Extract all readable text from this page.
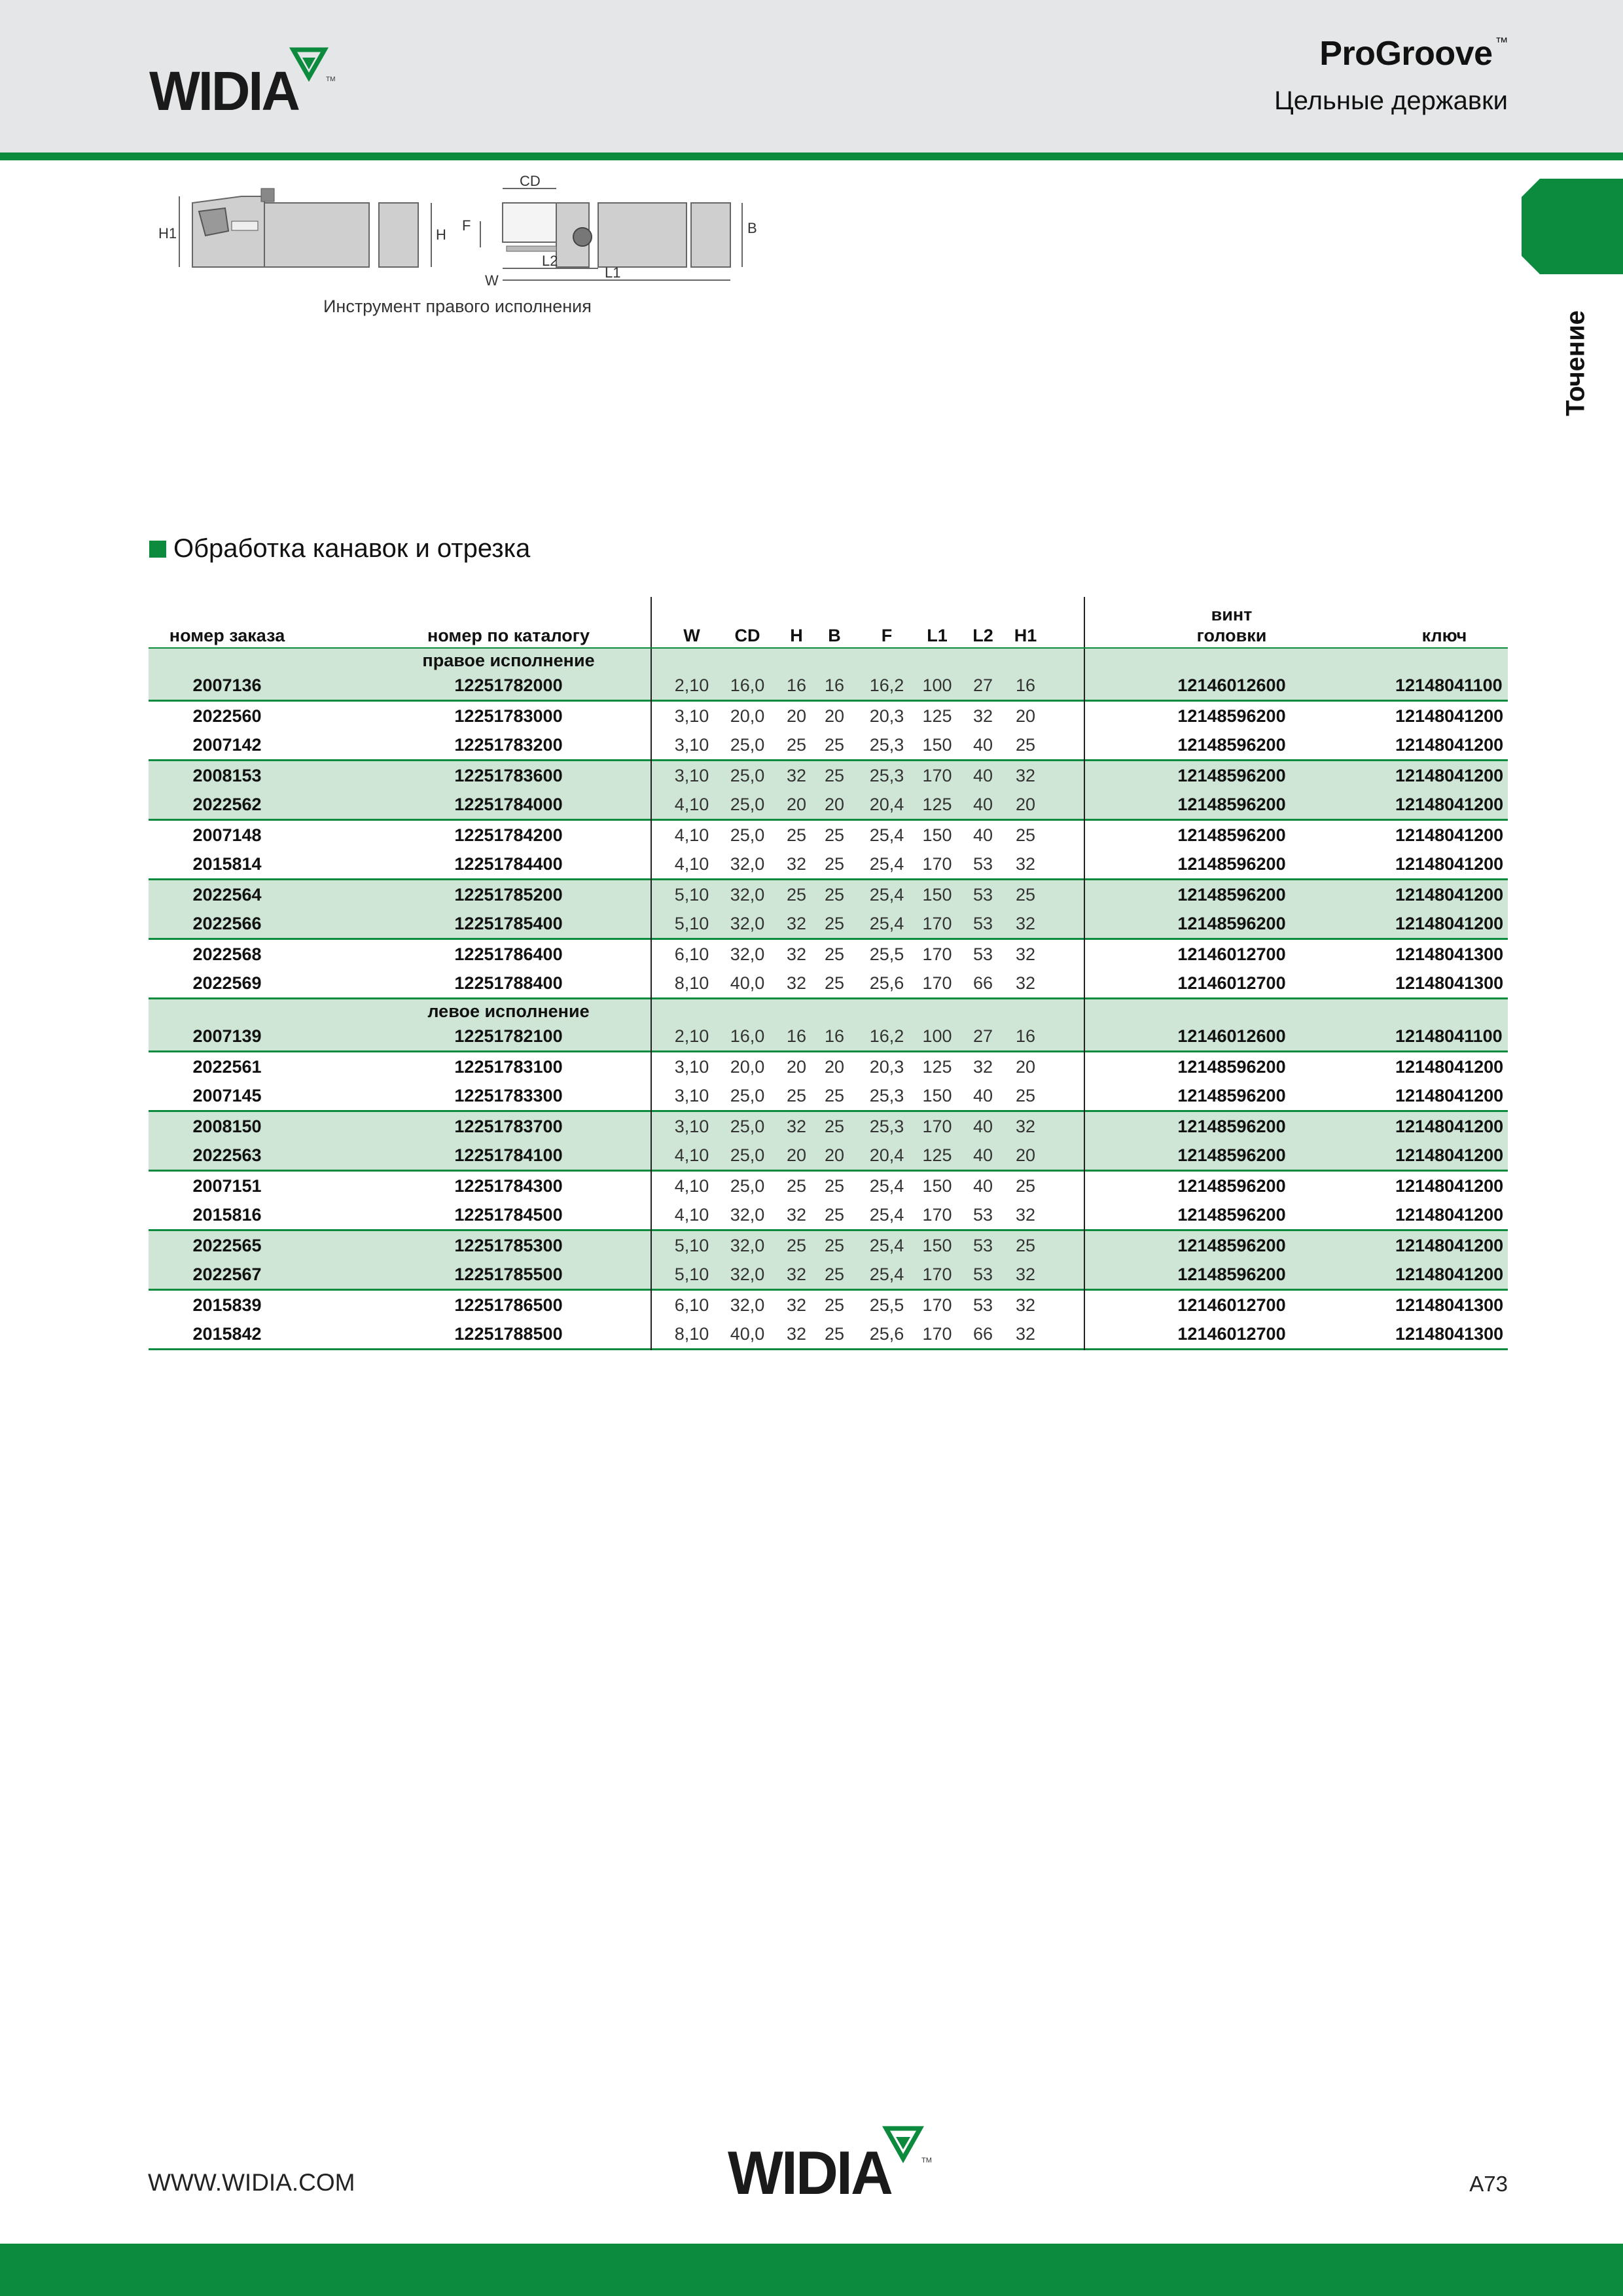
WIDIA	TM
ProGroove ™
Цельные державки
Точение
H1	H
CD
F
W
L2
L1
B
Инструмент правого исполнения
Обработка канавок и отрезка
номер заказа	номер по каталогу	W	CD	H	B	F	L1	L2	H1
винт
головки	ключ
правое исполнение
2007136	12251782000	2,10	16,0	16	16	16,2	100	27	16	12146012600	12148041100
2022560	12251783000	3,10	20,0	20	20	20,3	125	32	20	12148596200	12148041200
2007142	12251783200	3,10	25,0	25	25	25,3	150	40	25	12148596200	12148041200
2008153	12251783600	3,10	25,0	32	25	25,3	170	40	32	12148596200	12148041200
2022562	12251784000	4,10	25,0	20	20	20,4	125	40	20	12148596200	12148041200
2007148	12251784200	4,10	25,0	25	25	25,4	150	40	25	12148596200	12148041200
2015814	12251784400	4,10	32,0	32	25	25,4	170	53	32	12148596200	12148041200
2022564	12251785200	5,10	32,0	25	25	25,4	150	53	25	12148596200	12148041200
2022566	12251785400	5,10	32,0	32	25	25,4	170	53	32	12148596200	12148041200
2022568	12251786400	6,10	32,0	32	25	25,5	170	53	32	12146012700	12148041300
2022569	12251788400	8,10	40,0	32	25	25,6	170	66	32	12146012700	12148041300
левое исполнение
2007139	12251782100	2,10	16,0	16	16	16,2	100	27	16	12146012600	12148041100
2022561	12251783100	3,10	20,0	20	20	20,3	125	32	20	12148596200	12148041200
2007145	12251783300	3,10	25,0	25	25	25,3	150	40	25	12148596200	12148041200
2008150	12251783700	3,10	25,0	32	25	25,3	170	40	32	12148596200	12148041200
2022563	12251784100	4,10	25,0	20	20	20,4	125	40	20	12148596200	12148041200
2007151	12251784300	4,10	25,0	25	25	25,4	150	40	25	12148596200	12148041200
2015816	12251784500	4,10	32,0	32	25	25,4	170	53	32	12148596200	12148041200
2022565	12251785300	5,10	32,0	25	25	25,4	150	53	25	12148596200	12148041200
2022567	12251785500	5,10	32,0	32	25	25,4	170	53	32	12148596200	12148041200
2015839	12251786500	6,10	32,0	32	25	25,5	170	53	32	12146012700	12148041300
2015842	12251788500	8,10	40,0	32	25	25,6	170	66	32	12146012700	12148041300
WWW.WIDIA.COM	WIDIA	TM
A73
